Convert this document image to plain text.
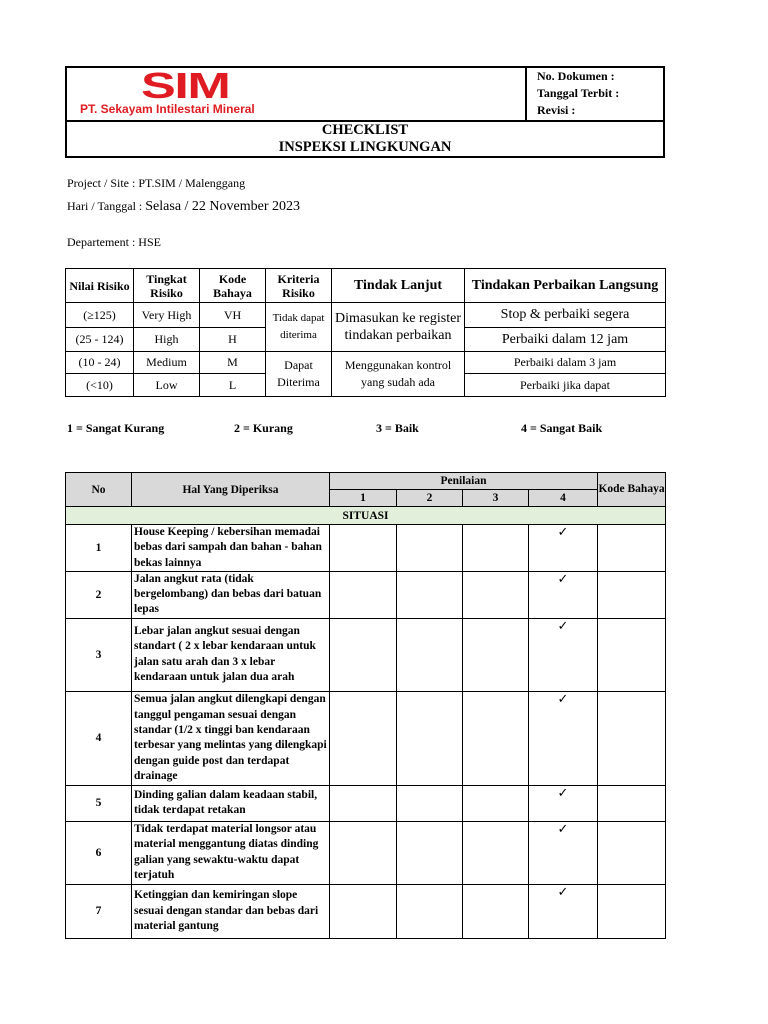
SIM
PT. Sekayam Intilestari Mineral
No. Dokumen :
Tanggal Terbit :
Revisi :
CHECKLIST
INSPEKSI LINGKUNGAN
Project / Site : PT.SIM / Malenggang
Hari / Tanggal : Selasa / 22 November 2023
Departement : HSE
Nilai Risiko	Tingkat Risiko	Kode Bahaya	Kriteria Risiko	Tindak Lanjut	Tindakan Perbaikan Langsung
(≥125)	Very High	VH	Tidak dapat diterima	Dimasukan ke register tindakan perbaikan	Stop & perbaiki segera
(25 - 124)	High	H			Perbaiki dalam 12 jam
(10 - 24)	Medium	M	Dapat Diterima	Menggunakan kontrol yang sudah ada	Perbaiki dalam 3 jam
(<10)	Low	L			Perbaiki jika dapat
1 = Sangat Kurang	2 = Kurang	3 = Baik	4 = Sangat Baik
No	Hal Yang Diperiksa	Penilaian				Kode Bahaya
		1	2	3	4	
SITUASI						
1	House Keeping / kebersihan memadai bebas dari sampah dan bahan - bahan bekas lainnya				✓	
2	Jalan angkut rata (tidak bergelombang) dan bebas dari batuan lepas				✓	
3	Lebar jalan angkut sesuai dengan standart ( 2 x lebar kendaraan untuk jalan satu arah dan 3 x lebar kendaraan untuk jalan dua arah				✓	
4	Semua jalan angkut dilengkapi dengan tanggul pengaman sesuai dengan standar (1/2 x tinggi ban kendaraan terbesar yang melintas yang dilengkapi dengan guide post dan terdapat drainage				✓	
5	Dinding galian dalam keadaan stabil, tidak terdapat retakan				✓	
6	Tidak terdapat material longsor atau material menggantung diatas dinding galian yang sewaktu-waktu dapat terjatuh				✓	
7	Ketinggian dan kemiringan slope sesuai dengan standar dan bebas dari material gantung				✓	
